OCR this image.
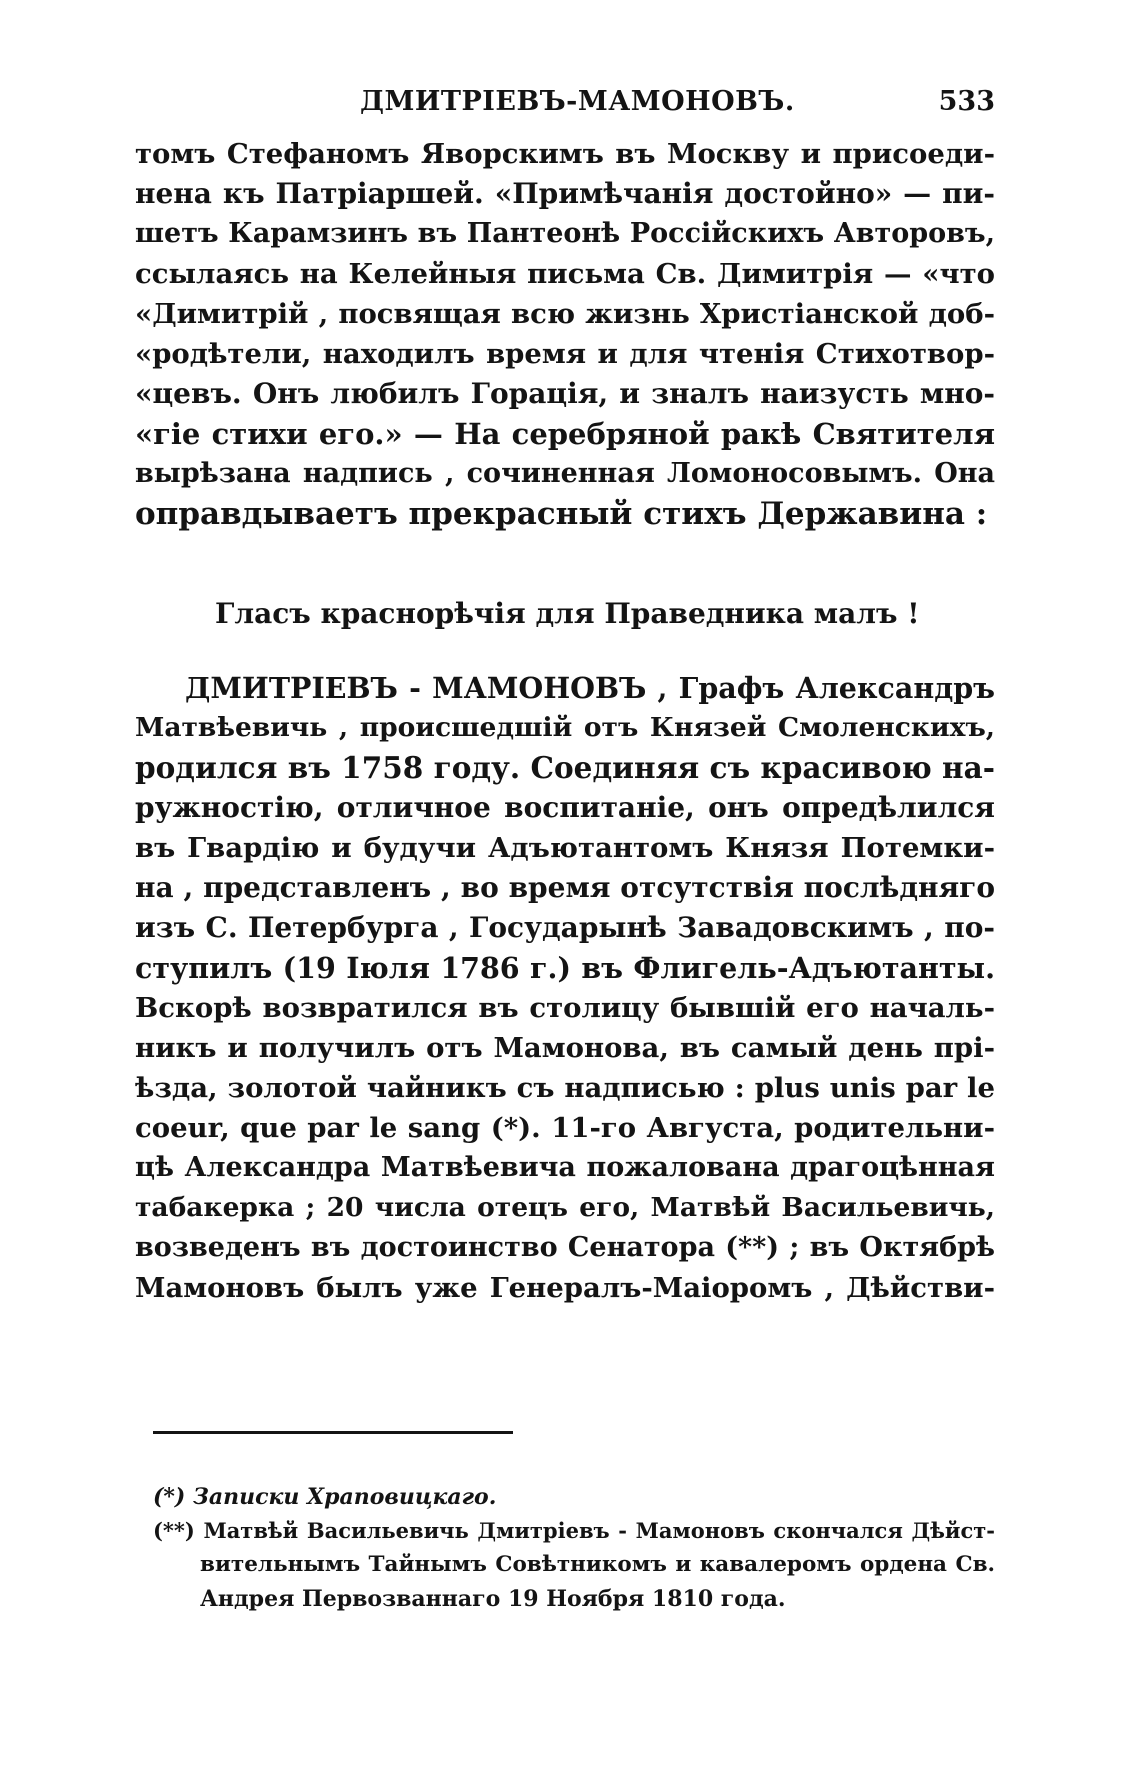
ДМИТРІЕВЪ-МАМОНОВЪ.	533
томъ Стефаномъ Яворскимъ въ Москву и присоеди-
нена къ Патріаршей. «Примѣчанія достойно» — пи-
шетъ Карамзинъ въ Пантеонѣ Россійскихъ Авторовъ,
ссылаясь на Келейныя письма Св. Димитрія — «что
«Димитрій , посвящая всю жизнь Христіанской доб-
«родѣтели, находилъ время и для чтенія Стихотвор-
«цевъ. Онъ любилъ Горація, и зналъ наизусть мно-
«гіе стихи его.» — На серебряной ракѣ Святителя
вырѣзана надпись , сочиненная Ломоносовымъ. Она
оправдываетъ прекрасный стихъ Державина :
Гласъ краснорѣчія для Праведника малъ !
ДМИТРІЕВЪ - МАМОНОВЪ , Графъ Александръ
Матвѣевичь , происшедшій отъ Князей Смоленскихъ,
родился въ 1758 году. Соединяя съ красивою на-
ружностію, отличное воспитаніе, онъ опредѣлился
въ Гвардію и будучи Адъютантомъ Князя Потемки-
на , представленъ , во время отсутствія послѣдняго
изъ С. Петербурга , Государынѣ Завадовскимъ , по-
ступилъ (19 Іюля 1786 г.) въ Флигель-Адъютанты.
Вскорѣ возвратился въ столицу бывшій его началь-
никъ и получилъ отъ Мамонова, въ самый день прі-
ѣзда, золотой чайникъ съ надписью : plus unis par le
coeur, que par le sang (*). 11-го Августа, родительни-
цѣ Александра Матвѣевича пожалована драгоцѣнная
табакерка ; 20 числа отецъ его, Матвѣй Васильевичь,
возведенъ въ достоинство Сенатора (**) ; въ Октябрѣ
Мамоновъ былъ уже Генералъ-Маіоромъ , Дѣйстви-
(*) Записки Храповицкаго.
(**) Матвѣй Васильевичь Дмитріевъ - Мамоновъ скончался Дѣйст-
вительнымъ Тайнымъ Совѣтникомъ и кавалеромъ ордена Св.
Андрея Первозваннаго 19 Ноября 1810 года.
